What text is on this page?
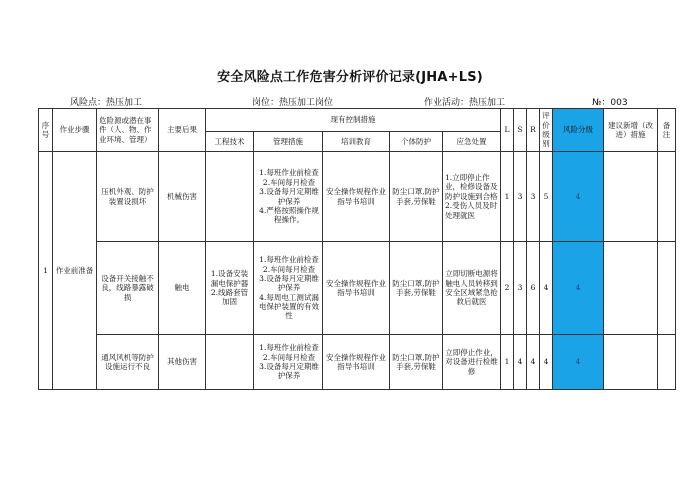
安全风险点工作危害分析评价记录(JHA+LS)
风险点：热压加工	岗位：热压加工岗位	作业活动：热压加工	№：003
序号	作业步骤	危险源或潜在事件（人、物、作业环境、管理）	主要后果	现有控制措施					L	S	R	评价级别	风险分级	建议新增（改进）措施	备注
				工程技术	管理措施	培训教育	个体防护	应急处置							
1	作业前准备	压机外观、防护装置设损坏	机械伤害		1.每班作业前检查
2.车间每月检查
3.设备每月定期维护保养
4.严格按照操作规程操作。	安全操作规程作业指导书培训	防尘口罩,防护手套,劳保鞋	1.立即停止作业，检修设备及防护设施到合格 2.受伤人员及时处理就医	1	3	3	5	4		
		设备开关接触不良，线路暴露破损	触电	1.设备安装漏电保护器 2.线路套管加固	1.每班作业前检查
2.车间每月检查
3.设备每月定期维护保养
4.每周电工测试漏电保护装置的有效性	安全操作规程作业指导书培训	防尘口罩,防护手套,劳保鞋	立即切断电源将触电人员转移到安全区域紧急抢救后就医	2	3	6	4	4		
		通风风机等防护设施运行不良	其他伤害		1.每班作业前检查
2.车间每月检查
3.设备每月定期维护保养	安全操作规程作业指导书培训	防尘口罩,防护手套,劳保鞋	立即停止作业，对设备进行检维修	1	4	4	4	4		
